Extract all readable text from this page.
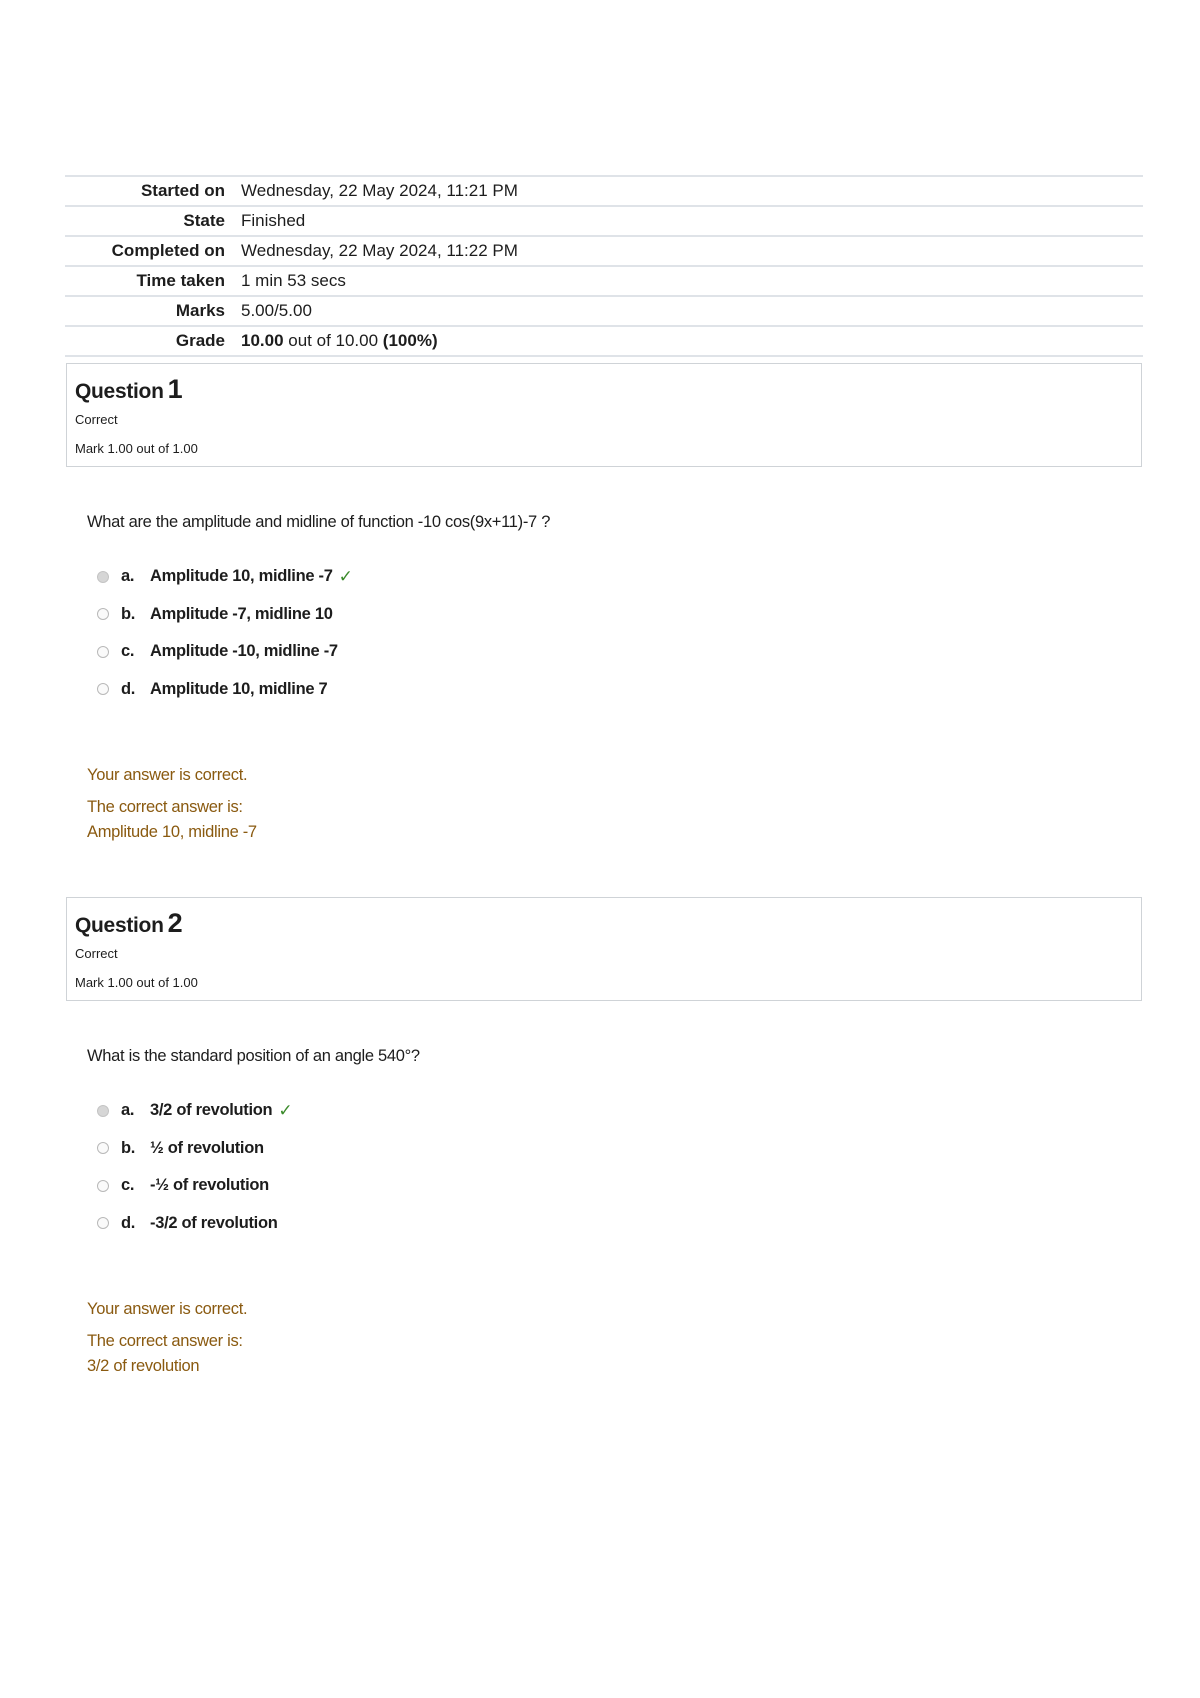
Started on	Wednesday, 22 May 2024, 11:21 PM
State	Finished
Completed on	Wednesday, 22 May 2024, 11:22 PM
Time taken	1 min 53 secs
Marks	5.00/5.00
Grade	10.00 out of 10.00 (100%)
Question 1
Correct
Mark 1.00 out of 1.00
What are the amplitude and midline of function -10 cos(9x+11)-7 ?
a. Amplitude 10, midline -7 ✓
b. Amplitude -7, midline 10
c. Amplitude -10, midline -7
d. Amplitude 10, midline 7
Your answer is correct.
The correct answer is:
Amplitude 10, midline -7
Question 2
Correct
Mark 1.00 out of 1.00
What is the standard position of an angle 540°?
a. 3/2 of revolution ✓
b. ½ of revolution
c. -½ of revolution
d. -3/2 of revolution
Your answer is correct.
The correct answer is:
3/2 of revolution
